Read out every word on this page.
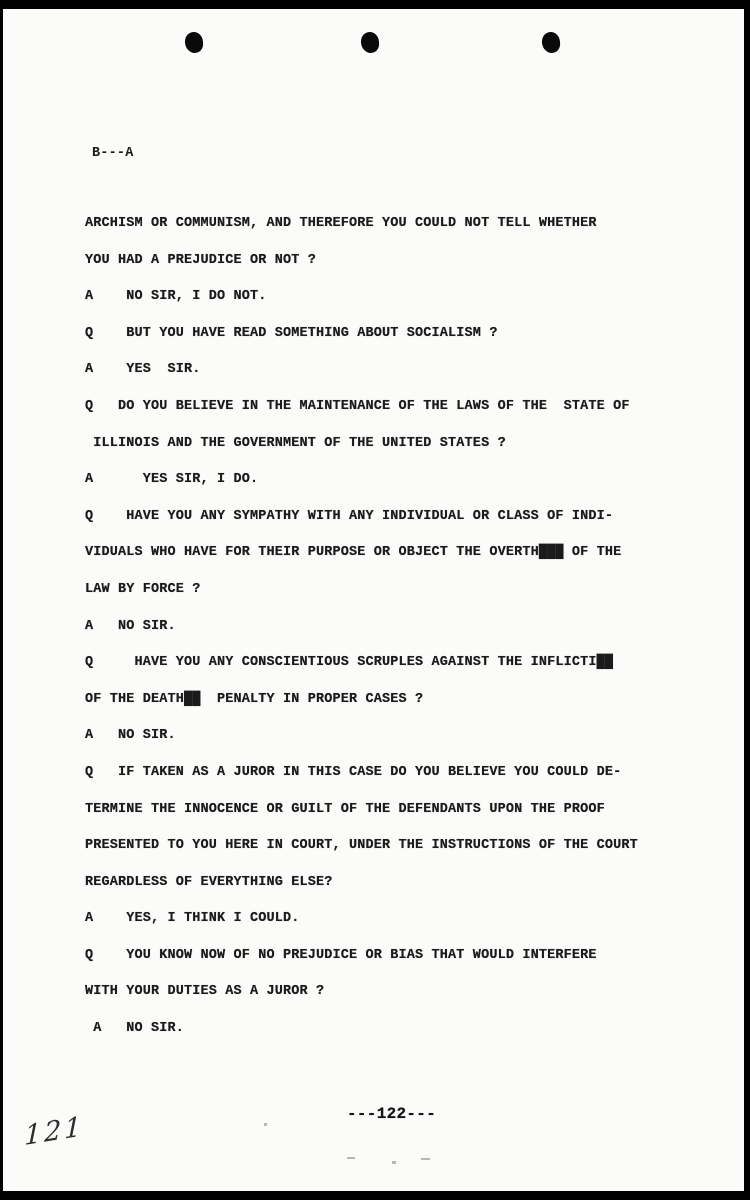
B---A
ARCHISM OR COMMUNISM, AND THEREFORE YOU COULD NOT TELL WHETHER
YOU HAD A PREJUDICE OR NOT ?
A    NO SIR, I DO NOT.
Q    BUT YOU HAVE READ SOMETHING ABOUT SOCIALISM ?
A    YES  SIR.
Q   DO YOU BELIEVE IN THE MAINTENANCE OF THE LAWS OF THE  STATE OF
ILLINOIS AND THE GOVERNMENT OF THE UNITED STATES ?
A      YES SIR, I DO.
Q    HAVE YOU ANY SYMPATHY WITH ANY INDIVIDUAL OR CLASS OF INDI-
VIDUALS WHO HAVE FOR THEIR PURPOSE OR OBJECT THE OVERTH███ OF THE
LAW BY FORCE ?
A   NO SIR.
Q     HAVE YOU ANY CONSCIENTIOUS SCRUPLES AGAINST THE INFLICTI██
OF THE DEATH██  PENALTY IN PROPER CASES ?
A   NO SIR.
Q   IF TAKEN AS A JUROR IN THIS CASE DO YOU BELIEVE YOU COULD DE-
TERMINE THE INNOCENCE OR GUILT OF THE DEFENDANTS UPON THE PROOF
PRESENTED TO YOU HERE IN COURT, UNDER THE INSTRUCTIONS OF THE COURT
REGARDLESS OF EVERYTHING ELSE?
A    YES, I THINK I COULD.
Q    YOU KNOW NOW OF NO PREJUDICE OR BIAS THAT WOULD INTERFERE
WITH YOUR DUTIES AS A JUROR ?
A   NO SIR.
---122---
121
